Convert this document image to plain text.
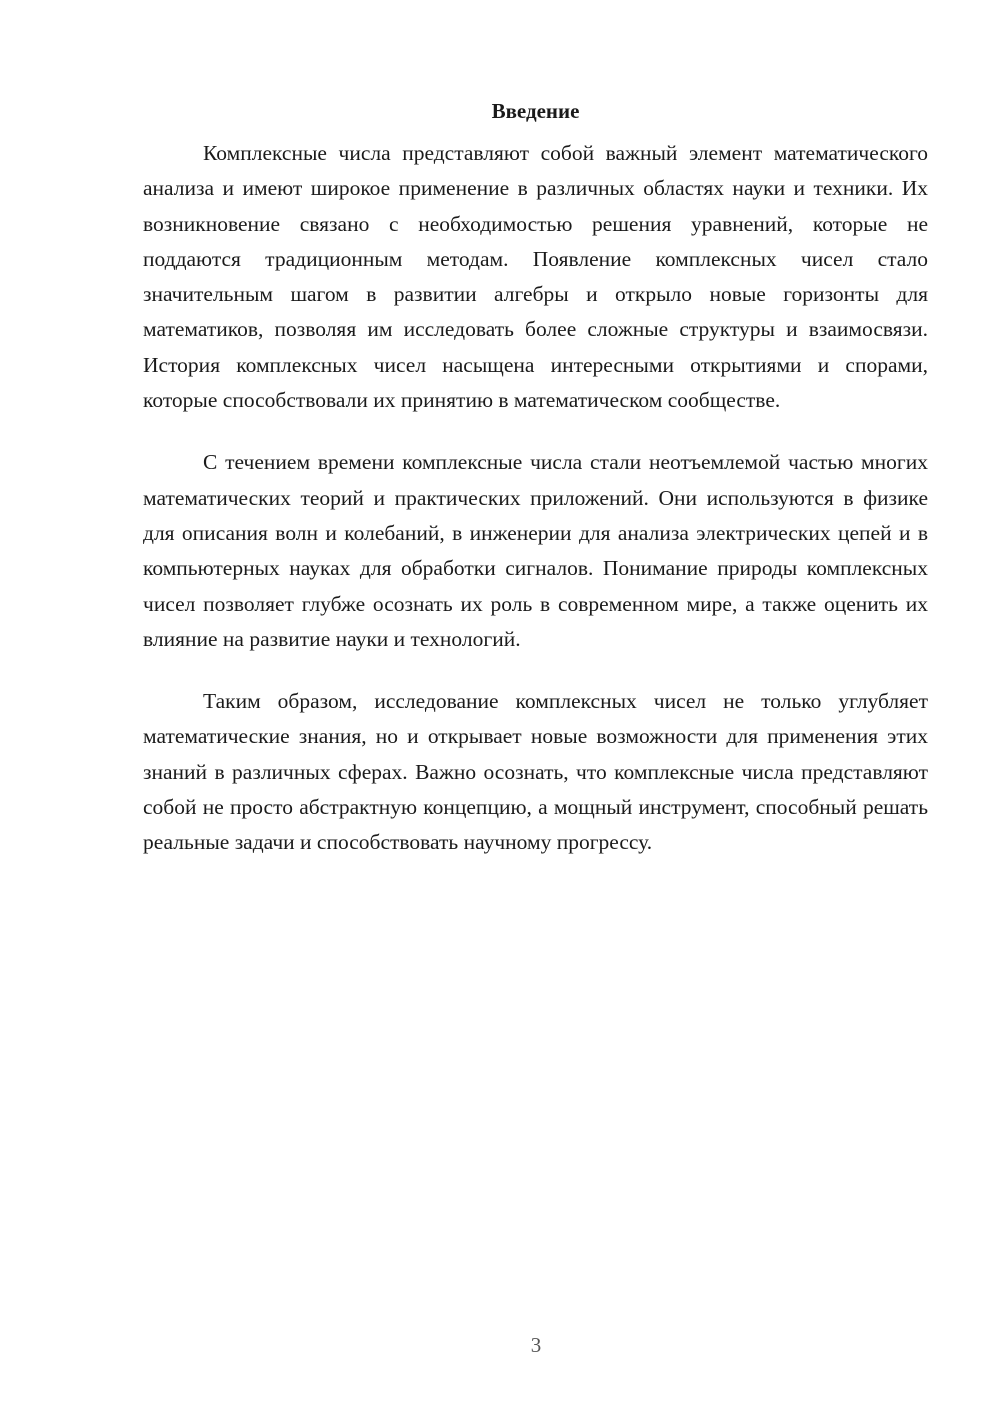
Введение

Комплексные числа представляют собой важный элемент математического анализа и имеют широкое применение в различных областях науки и техники. Их возникновение связано с необходимостью решения уравнений, которые не поддаются традиционным методам. Появление комплексных чисел стало значительным шагом в развитии алгебры и открыло новые горизонты для математиков, позволяя им исследовать более сложные структуры и взаимосвязи. История комплексных чисел насыщена интересными открытиями и спорами, которые способствовали их принятию в математическом сообществе.

С течением времени комплексные числа стали неотъемлемой частью многих математических теорий и практических приложений. Они используются в физике для описания волн и колебаний, в инженерии для анализа электрических цепей и в компьютерных науках для обработки сигналов. Понимание природы комплексных чисел позволяет глубже осознать их роль в современном мире, а также оценить их влияние на развитие науки и технологий.

Таким образом, исследование комплексных чисел не только углубляет математические знания, но и открывает новые возможности для применения этих знаний в различных сферах. Важно осознать, что комплексные числа представляют собой не просто абстрактную концепцию, а мощный инструмент, способный решать реальные задачи и способствовать научному прогрессу.

3
